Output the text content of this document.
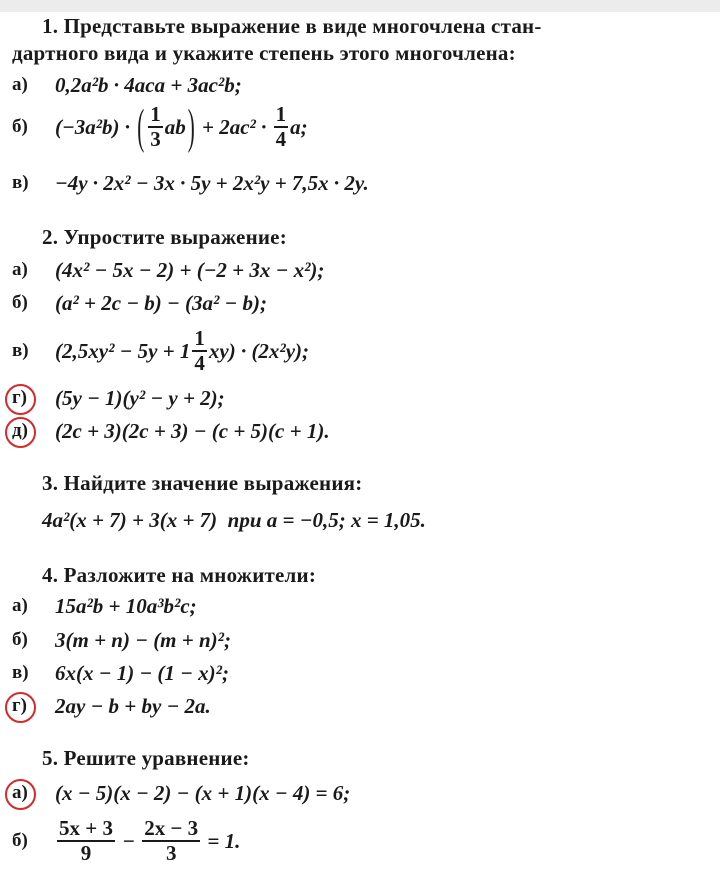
1. Представьте выражение в виде многочлена стан-
дартного вида и укажите степень этого многочлена:
а) 0,2a²b · 4aca + 3ac²b;
б) (−3a²b) · ( $\frac{1}{3}$ ab ) + $2ac^2 \cdot \frac{1}{4} a$;
в) −4y · 2x² − 3x · 5y + 2x²y + 7,5x · 2y.
2. Упростите выражение:
а) (4x² − 5x − 2) + (−2 + 3x − x²);
б) (a² + 2c − b) − (3a² − b);
в) $(2,5xy^2 - 5y + 1 \frac{1}{4} xy) \cdot (2x^2y)$;
г) (5y − 1)(y² − y + 2);
д) (2c + 3)(2c + 3) − (c + 5)(c + 1).
3. Найдите значение выражения:
4a²(x + 7) + 3(x + 7)  при a = −0,5; x = 1,05.
4. Разложите на множители:
а) 15a²b + 10a³b²c;
б) 3(m + n) − (m + n)²;
в) 6x(x − 1) − (1 − x)²;
г) 2ay − b + by − 2a.
5. Решите уравнение:
а) (x − 5)(x − 2) − (x + 1)(x − 4) = 6;
$б) \frac{5x + 3}{9} - \frac{2x - 3}{3} = 1$.
